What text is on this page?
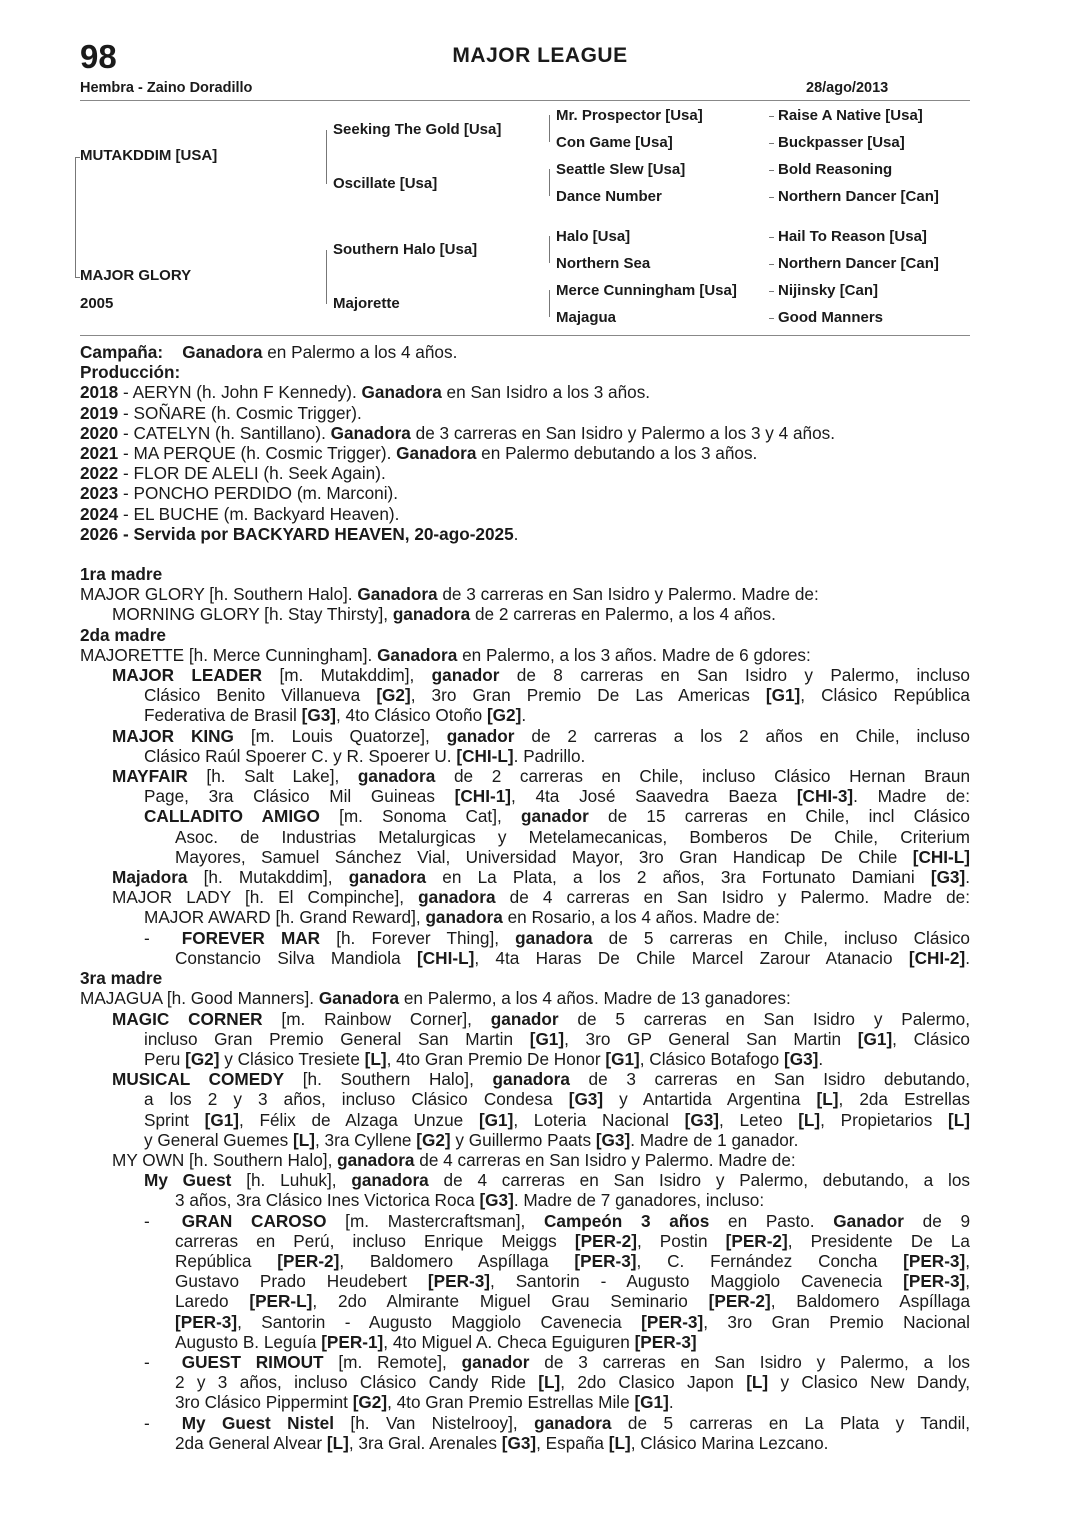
98	MAJOR LEAGUE
Hembra - Zaino Doradillo	28/ago/2013
MUTAKDDIM [USA]
MAJOR GLORY
2005
Seeking The Gold [Usa]
Oscillate [Usa]
Southern Halo [Usa]
Majorette
Mr. Prospector [Usa]
Con Game [Usa]
Seattle Slew [Usa]
Dance Number
Halo [Usa]
Northern Sea
Merce Cunningham [Usa]
Majagua
Raise A Native [Usa]
Buckpasser [Usa]
Bold Reasoning
Northern Dancer [Can]
Hail To Reason [Usa]
Northern Dancer [Can]
Nijinsky [Can]
Good Manners
Campaña: Ganadora en Palermo a los 4 años.
Producción:
2018 - AERYN (h. John F Kennedy). Ganadora en San Isidro a los 3 años.
2019 - SOÑARE (h. Cosmic Trigger).
2020 - CATELYN (h. Santillano). Ganadora de 3 carreras en San Isidro y Palermo a los 3 y 4 años.
2021 - MA PERQUE (h. Cosmic Trigger). Ganadora en Palermo debutando a los 3 años.
2022 - FLOR DE ALELI (h. Seek Again).
2023 - PONCHO PERDIDO (m. Marconi).
2024 - EL BUCHE (m. Backyard Heaven).
2026 - Servida por BACKYARD HEAVEN, 20-ago-2025.
1ra madre
MAJOR GLORY [h. Southern Halo]. Ganadora de 3 carreras en San Isidro y Palermo. Madre de:
MORNING GLORY [h. Stay Thirsty], ganadora de 2 carreras en Palermo, a los 4 años.
2da madre
MAJORETTE [h. Merce Cunningham]. Ganadora en Palermo, a los 3 años. Madre de 6 gdores:
MAJOR LEADER [m. Mutakddim], ganador de 8 carreras en San Isidro y Palermo, incluso
Clásico Benito Villanueva [G2], 3ro Gran Premio De Las Americas [G1], Clásico República
Federativa de Brasil [G3], 4to Clásico Otoño [G2].
MAJOR KING [m. Louis Quatorze], ganador de 2 carreras a los 2 años en Chile, incluso
Clásico Raúl Spoerer C. y R. Spoerer U. [CHI-L]. Padrillo.
MAYFAIR [h. Salt Lake], ganadora de 2 carreras en Chile, incluso Clásico Hernan Braun
Page, 3ra Clásico Mil Guineas [CHI-1], 4ta José Saavedra Baeza [CHI-3]. Madre de:
CALLADITO AMIGO [m. Sonoma Cat], ganador de 15 carreras en Chile, incl Clásico
Asoc. de Industrias Metalurgicas y Metelamecanicas, Bomberos De Chile, Criterium
Mayores, Samuel Sánchez Vial, Universidad Mayor, 3ro Gran Handicap De Chile [CHI-L]
Majadora [h. Mutakddim], ganadora en La Plata, a los 2 años, 3ra Fortunato Damiani [G3].
MAJOR LADY [h. El Compinche], ganadora de 4 carreras en San Isidro y Palermo. Madre de:
MAJOR AWARD [h. Grand Reward], ganadora en Rosario, a los 4 años. Madre de:
- FOREVER MAR [h. Forever Thing], ganadora de 5 carreras en Chile, incluso Clásico
Constancio Silva Mandiola [CHI-L], 4ta Haras De Chile Marcel Zarour Atanacio [CHI-2].
3ra madre
MAJAGUA [h. Good Manners]. Ganadora en Palermo, a los 4 años. Madre de 13 ganadores:
MAGIC CORNER [m. Rainbow Corner], ganador de 5 carreras en San Isidro y Palermo,
incluso Gran Premio General San Martin [G1], 3ro GP General San Martin [G1], Clásico
Peru [G2] y Clásico Tresiete [L], 4to Gran Premio De Honor [G1], Clásico Botafogo [G3].
MUSICAL COMEDY [h. Southern Halo], ganadora de 3 carreras en San Isidro debutando,
a los 2 y 3 años, incluso Clásico Condesa [G3] y Antartida Argentina [L], 2da Estrellas
Sprint [G1], Félix de Alzaga Unzue [G1], Loteria Nacional [G3], Leteo [L], Propietarios [L]
y General Guemes [L], 3ra Cyllene [G2] y Guillermo Paats [G3]. Madre de 1 ganador.
MY OWN [h. Southern Halo], ganadora de 4 carreras en San Isidro y Palermo. Madre de:
My Guest [h. Luhuk], ganadora de 4 carreras en San Isidro y Palermo, debutando, a los
3 años, 3ra Clásico Ines Victorica Roca [G3]. Madre de 7 ganadores, incluso:
- GRAN CAROSO [m. Mastercraftsman], Campeón 3 años en Pasto. Ganador de 9
carreras en Perú, incluso Enrique Meiggs [PER-2], Postin [PER-2], Presidente De La
República [PER-2], Baldomero Aspíllaga [PER-3], C. Fernández Concha [PER-3],
Gustavo Prado Heudebert [PER-3], Santorin - Augusto Maggiolo Cavenecia [PER-3],
Laredo [PER-L], 2do Almirante Miguel Grau Seminario [PER-2], Baldomero Aspíllaga
[PER-3], Santorin - Augusto Maggiolo Cavenecia [PER-3], 3ro Gran Premio Nacional
Augusto B. Leguía [PER-1], 4to Miguel A. Checa Eguiguren [PER-3]
- GUEST RIMOUT [m. Remote], ganador de 3 carreras en San Isidro y Palermo, a los
2 y 3 años, incluso Clásico Candy Ride [L], 2do Clasico Japon [L] y Clasico New Dandy,
3ro Clásico Pippermint [G2], 4to Gran Premio Estrellas Mile [G1].
- My Guest Nistel [h. Van Nistelrooy], ganadora de 5 carreras en La Plata y Tandil,
2da General Alvear [L], 3ra Gral. Arenales [G3], España [L], Clásico Marina Lezcano.
